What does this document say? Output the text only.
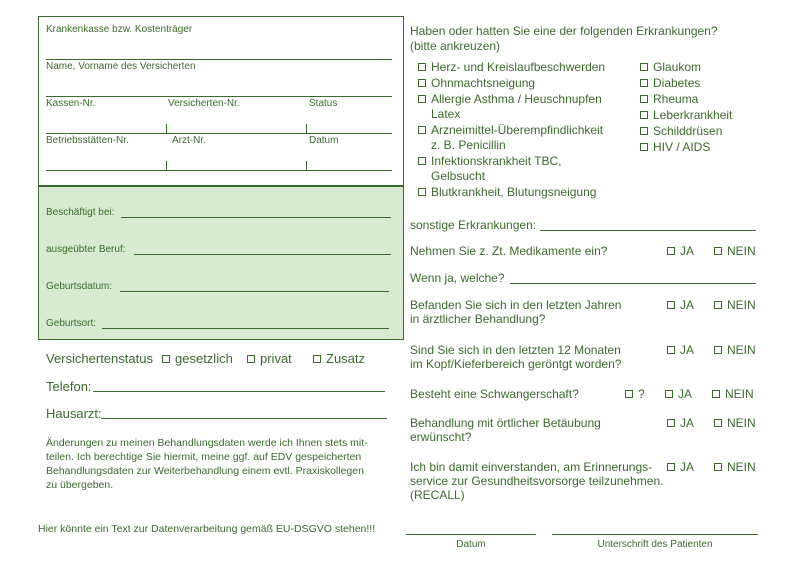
Krankenkasse bzw. Kostenträger
Name, Vorname des Versicherten
Kassen-Nr.	Versicherten-Nr.	Status
Betriebsstätten-Nr.	Arzt-Nr.	Datum
Beschäftigt bei:
ausgeübter Beruf:
Geburtsdatum:
Geburtsort:
Versichertenstatus	gesetzlich	privat	Zusatz
Telefon:
Hausarzt:
Änderungen zu meinen Behandlungsdaten werde ich Ihnen stets mit-
teilen. Ich berechtige Sie hiermit, meine ggf. auf EDV gespeicherten
Behandlungsdaten zur Weiterbehandlung einem evtl. Praxiskollegen
zu übergeben.
Hier könnte ein Text zur Datenverarbeitung gemäß EU-DSGVO stehen!!!
Haben oder hatten Sie eine der folgenden Erkrankungen?
(bitte ankreuzen)
Herz- und Kreislaufbeschwerden
Ohnmachtsneigung
Allergie Asthma / Heuschnupfen
Latex
Arzneimittel-Überempfindlichkeit
z. B. Penicillin
Infektionskrankheit TBC,
Gelbsucht
Blutkrankheit, Blutungsneigung
Glaukom
Diabetes
Rheuma
Leberkrankheit
Schilddrüsen
HIV / AIDS
sonstige Erkrankungen:
Nehmen Sie z. Zt. Medikamente ein?	JA	NEIN
Wenn ja, welche?
Befanden Sie sich in den letzten Jahren
in ärztlicher Behandlung?
JA	NEIN
Sind Sie sich in den letzten 12 Monaten
im Kopf/Kieferbereich geröntgt worden?
JA	NEIN
Besteht eine Schwangerschaft?	?	JA	NEIN
Behandlung mit örtlicher Betäubung
erwünscht?
JA	NEIN
Ich bin damit einverstanden, am Erinnerungs-
service zur Gesundheitsvorsorge teilzunehmen.
(RECALL)
JA	NEIN
Datum	Unterschrift des Patienten
